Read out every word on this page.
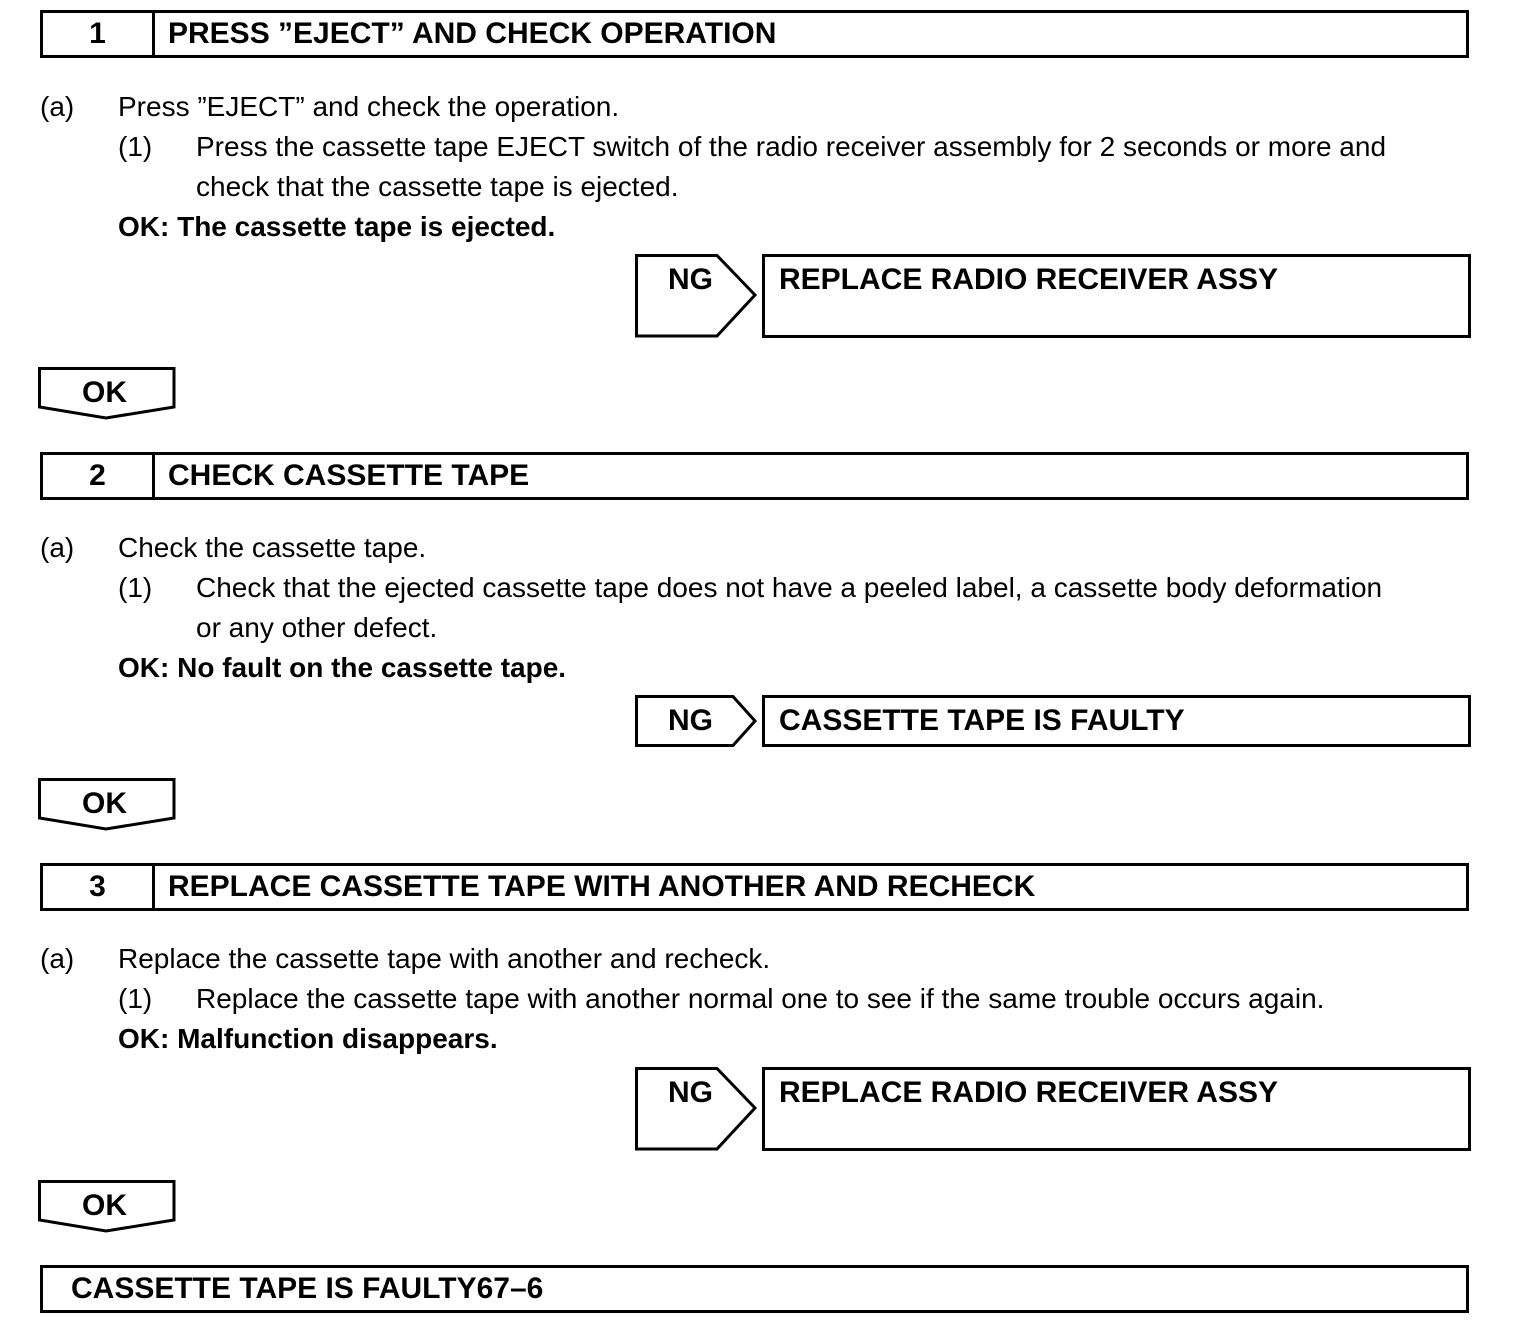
1	PRESS ”EJECT” AND CHECK OPERATION
(a) Press ”EJECT” and check the operation.
(1) Press the cassette tape EJECT switch of the radio receiver assembly for 2 seconds or more and
check that the cassette tape is ejected.
OK: The cassette tape is ejected.
NG REPLACE RADIO RECEIVER ASSY
OK
2	CHECK CASSETTE TAPE
(a) Check the cassette tape.
(1) Check that the ejected cassette tape does not have a peeled label, a cassette body deformation
or any other defect.
OK: No fault on the cassette tape.
NG CASSETTE TAPE IS FAULTY
OK
3	REPLACE CASSETTE TAPE WITH ANOTHER AND RECHECK
(a) Replace the cassette tape with another and recheck.
(1) Replace the cassette tape with another normal one to see if the same trouble occurs again.
OK: Malfunction disappears.
NG REPLACE RADIO RECEIVER ASSY
OK
CASSETTE TAPE IS FAULTY67–6
